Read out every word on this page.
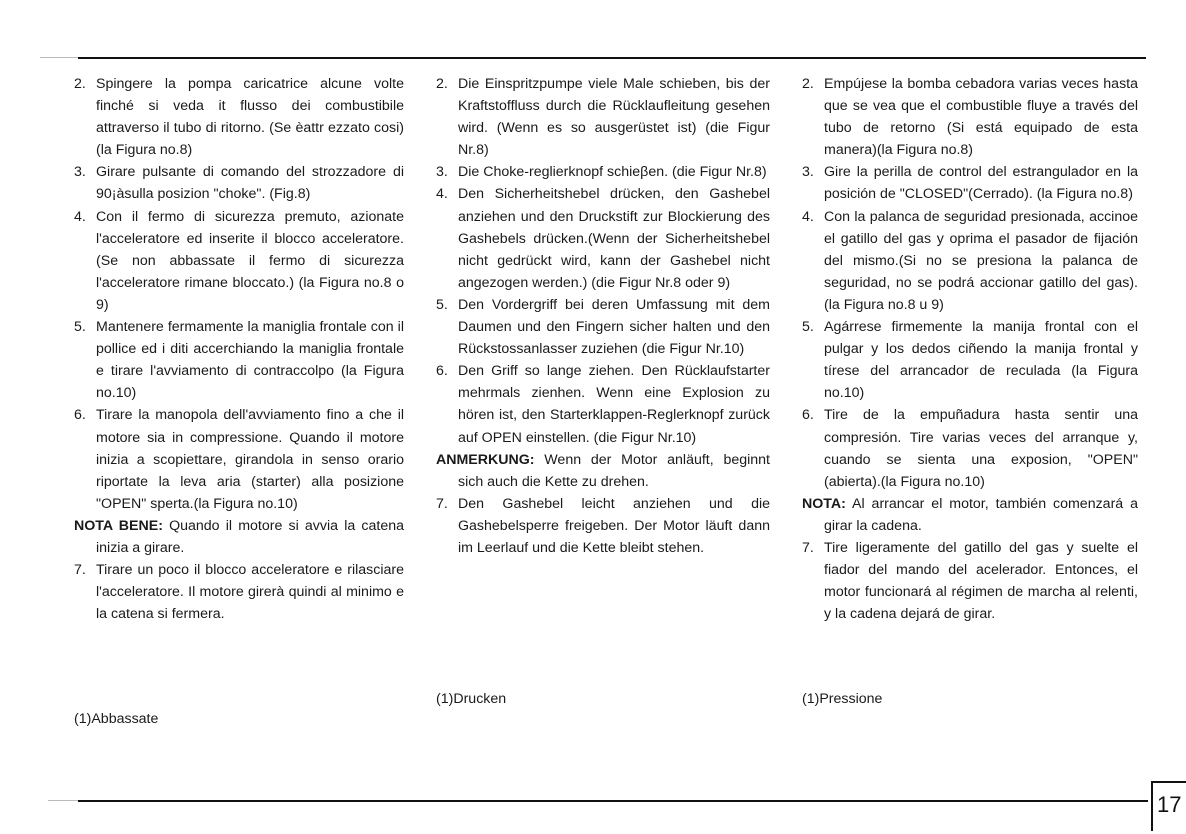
2. Spingere la pompa caricatrice alcune volte finché si veda it flusso dei combustibile attraverso il tubo di ritorno. (Se èattr ezzato cosi)(la Figura no.8)
3. Girare pulsante di comando del strozzadore di 90¡àsulla posizion "choke". (Fig.8)
4. Con il fermo di sicurezza premuto, azionate l'acceleratore ed inserite il blocco acceleratore. (Se non abbassate il fermo di sicurezza l'acceleratore rimane bloccato.) (la Figura no.8 o 9)
5. Mantenere fermamente la maniglia frontale con il pollice ed i diti accerchiando la maniglia frontale e tirare l'avviamento di contraccolpo (la Figura no.10)
6. Tirare la manopola dell'avviamento fino a che il motore sia in compressione. Quando il motore inizia a scopiettare, girandola in senso orario riportate la leva aria (starter) alla posizione "OPEN" sperta.(la Figura no.10)
NOTA BENE: Quando il motore si avvia la catena inizia a girare.
7. Tirare un poco il blocco acceleratore e rilasciare l'acceleratore. Il motore girerà quindi al minimo e la catena si fermera.
2. Die Einspritzpumpe viele Male schieben, bis der Kraftstoffluss durch die Rücklaufleitung gesehen wird. (Wenn es so ausgerüstet ist) (die Figur Nr.8)
3. Die Choke-reglierknopf schieβen. (die Figur Nr.8)
4. Den Sicherheitshebel drücken, den Gashebel anziehen und den Druckstift zur Blockierung des Gashebels drücken.(Wenn der Sicherheitshebel nicht gedrückt wird, kann der Gashebel nicht angezogen werden.) (die Figur Nr.8 oder 9)
5. Den Vordergriff bei deren Umfassung mit dem Daumen und den Fingern sicher halten und den Rückstossanlasser zuziehen (die Figur Nr.10)
6. Den Griff so lange ziehen. Den Rücklaufstarter mehrmals zienhen. Wenn eine Explosion zu hören ist, den Starterklappen-Reglerknopf zurück auf OPEN einstellen. (die Figur Nr.10)
ANMERKUNG: Wenn der Motor anläuft, beginnt sich auch die Kette zu drehen.
7. Den Gashebel leicht anziehen und die Gashebelsperre freigeben. Der Motor läuft dann im Leerlauf und die Kette bleibt stehen.
2. Empújese la bomba cebadora varias veces hasta que se vea que el combustible fluye a través del tubo de retorno (Si está equipado de esta manera)(la Figura no.8)
3. Gire la perilla de control del estrangulador en la posición de "CLOSED"(Cerrado). (la Figura no.8)
4. Con la palanca de seguridad presionada, accinoe el gatillo del gas y oprima el pasador de fijación del mismo.(Si no se presiona la palanca de seguridad, no se podrá accionar gatillo del gas).(la Figura no.8 u 9)
5. Agárrese firmemente la manija frontal con el pulgar y los dedos ciñendo la manija frontal y tírese del arrancador de reculada (la Figura no.10)
6. Tire de la empuñadura hasta sentir una compresión. Tire varias veces del arranque y, cuando se sienta una exposion, "OPEN" (abierta).(la Figura no.10)
NOTA: Al arrancar el motor, también comenzará a girar la cadena.
7. Tire ligeramente del gatillo del gas y suelte el fiador del mando del acelerador. Entonces, el motor funcionará al régimen de marcha al relenti, y la cadena dejará de girar.
(1)Abbassate
(1)Drucken	(1)Pressione
17
